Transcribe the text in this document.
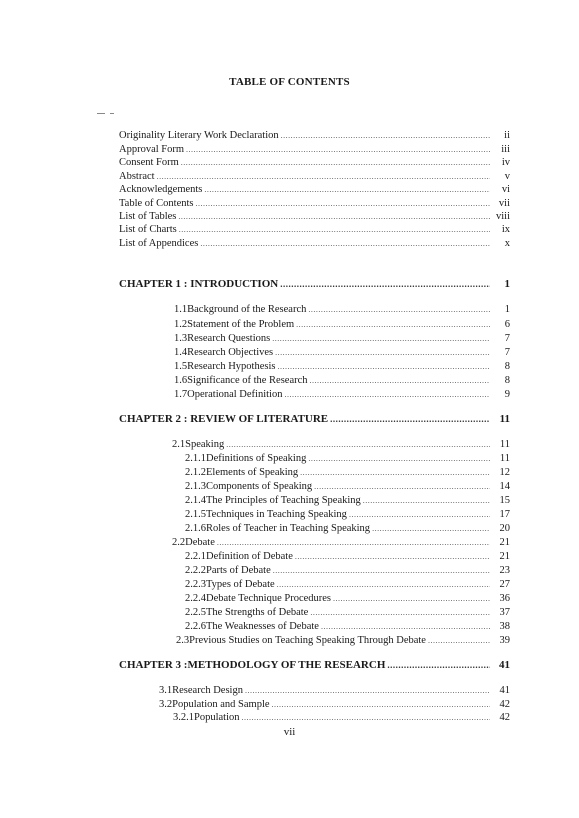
TABLE OF CONTENTS
Originality Literary Work Declaration .....	ii
Approval Form .....	iii
Consent Form .....	iv
Abstract .....	v
Acknowledgements .....	vi
Table of Contents .....	vii
List of Tables .....	viii
List of Charts .....	ix
List of Appendices .....	x
CHAPTER 1 : INTRODUCTION .....	1
1.1 Background of the Research .....	1
1.2 Statement of the Problem .....	6
1.3 Research Questions .....	7
1.4 Research Objectives .....	7
1.5 Research Hypothesis .....	8
1.6 Significance of the Research .....	8
1.7 Operational Definition .....	9
CHAPTER 2 : REVIEW OF LITERATURE .....	11
2.1 Speaking .....	11
2.1.1 Definitions of Speaking .....	11
2.1.2 Elements of Speaking .....	12
2.1.3 Components of Speaking .....	14
2.1.4 The Principles of Teaching Speaking .....	15
2.1.5 Techniques in Teaching Speaking .....	17
2.1.6 Roles of Teacher in Teaching Speaking .....	20
2.2 Debate .....	21
2.2.1 Definition of Debate .....	21
2.2.2 Parts of Debate .....	23
2.2.3 Types of Debate .....	27
2.2.4 Debate Technique Procedures .....	36
2.2.5 The Strengths of Debate .....	37
2.2.6 The Weaknesses of Debate .....	38
2.3 Previous Studies on Teaching Speaking Through Debate .....	39
CHAPTER 3 :METHODOLOGY OF THE RESEARCH .....	41
3.1 Research Design .....	41
3.2 Population and Sample .....	42
3.2.1 Population .....	42
vii
